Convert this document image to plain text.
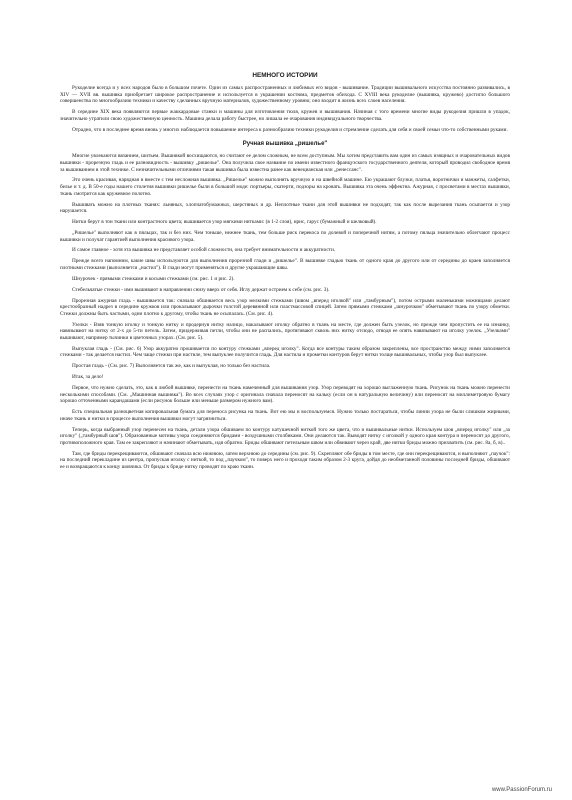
НЕМНОГО ИСТОРИИ

Рукоделие всегда и у всех народов было в большом почете. Один из самых распространенных и любимых его видов - вышивание. Традиции вышивального искусства постоянно развивались, в XIV — XVII вв. вышивка приобретает широкое распространение и используется в украшении костюма, предметов обихода. С XVIII века рукоделие (вышивка, кружево) достигло большого совершенства по многообразию техники и качеству сделанных вручную материалов, художественному уровню; оно входит в жизнь всех слоев населения.

В середине XIX века появляются первые жаккардовые станки и машины для изготовления тюля, кружев и вышивания. Начиная с того времени многие виды рукоделия пришли в упадок, значительно утратили свою художественную ценность. Машина делала работу быстрее, но лишала ее очарования индивидуального творчества.

Отрадно, что в последнее время вновь у многих наблюдается повышение интереса к разнообразию техники рукоделия и стремление сделать для себя и своей семьи что-то собственными руками.

Ручная вышивка „ришелье"

Многие увлекаются вязанием, шитьем. Вышивкой восхищаются, но считают ее делом сложным, не всем доступным. Мы хотим представить вам один из самых изящных и очаровательных видов вышивки - прорезную гладь и ее разновидность - вышивку „ришелье". Она получила свое название по имени известного французского государственного деятеля, который проводил свободное время за вышиванием в этой технике. С незначительными отличиями такая вышивка была известна ранее как венецианская или „ренессанс".

Это очень красивая, нарядная и вместе с тем несложная вышивка. „Ришелье" можно выполнять вручную и на швейной машине. Ею украшают блузки, платья, воротнички и манжеты, салфетки, белье и т. д. В 50-е годы нашего столетия вышивки ришелье были в большой моде: портьеры, скатерти, подзоры на кровать. Вышивка эта очень эффектна. Ажурная, с просветами в местах вышивки, ткань смотрится как кружевное полотно.

Вышивать можно на плотных тканях: льняных, хлопчатобумажных, шерстяных и др. Неплотные ткани для этой вышивки не подходят, так как после вырезания ткань осыпается и узор нарушается.

Нитки берут в тон ткани или контрастного цвета; вышивается узор мягкими нитками: (в 1-2 слоя), ирис, гарус (бумажный и шелковый).

„Ришелье" выполняют как в пяльцах, так и без них. Чем тоньше, нежнее ткань, тем больше риск перекоса по долевой и поперечной нитям, а потому пяльца значительно облегчают процесс вышивки и получат гарантией выполнения красивого узора.

И самое главное - хотя эта вышивка не представляет особой сложности, она требует внимательности и аккуратности.

Прежде всего напомним, какие швы используются для выполнения прорезной глади и „ришелье". В вышивке гладью ткань от одного края до другого или от середины до краев заполняется плотными стежками (выполняется „настил"). В глади могут применяться и другие украшающие швы.

Шнурочек - прямыми стежками и косыми стежками (см. рис. 1 и рис. 2).

Стебельчатые стежки - ими вышивают в направлении снизу вверх от себя. Иглу держат острием к себе (см. рис. 3).

Прорезная ажурная гладь - вышивается так: сначала обшивается весь узор мелкими стежками (швом „вперед иголкой" или „тамбурным"), потом острыми маленькими ножницами делают крестообразный надрез в середине кружков или прокалывают дырочки толстой деревянной или пластмассовой спицей. Затем прямыми стежками „шнурочком" обметывают ткань по узору обметки. Стежки должны быть частыми, одни плотно к другому, чтобы ткань не осыпалась. (См. рис. 4).

Узелки - Взяв тонкую иголку и тонкую нитку и продернув нитку налицо, накалывают иголку обратно в ткань на месте, где должен быть узелок, но прежде чем пропустить ее на изнанку, навязывают на нитку от 2-х до 5-ти петель. Затем, придерживая петли, чтобы они не распались, протягивают сквозь них нитку отсюдо, отводя ее опять навязывают на иголку узелок. „Узелками" вышивают, например тычинки в цветочных узорах. (См. рис. 5).

Выпуклая гладь - (См. рис. 6) Узор аккуратно прошивается по контуру стежками „вперед иголку". Когда все контуры таким образом закреплены, все пространство между ними заполняется стежками - так делается настил. Чем чаще стежки при настиле, тем выпуклее получится гладь. Для настила и прометки контуров берут нитки толще вышивальных, чтобы узор был выпуклее.

Простая гладь - (См. рис. 7) Выполняется так же, как и выпуклая, но только без настила.

Итак, за дело!

Первое, что нужно сделать, это, как в любой вышивке, перенести на ткань намеченный для вышивания узор. Узор переводят на хорошо выглаженную ткань. Рисунок на ткань можно перенести несколькими способами. (См. „Машинная вышивка"). Во всех случаях узор с оригинала сначала переносят на кальку (если он в натуральную величину) или переносят на миллиметровую бумагу хорошо отточенными карандашами (если рисунок больше или меньше размером нужного вам).

Есть специальная разноцветная копировальная бумага для переноса рисунка на ткань. Вот ею мы и воспользуемся. Нужно только постараться, чтобы линии узора не были слишком жирными, иначе ткань и нитки в процессе выполнения вышивки могут загрязниться.

Теперь, когда выбранный узор перенесен на ткань, детали узора обшиваем по контуру катушечной ниткой того же цвета, что и вышивальные нитки. Используем шов „вперед иголку" или „за иголку" („тамбурный шов"). Образованные мотивы узора соединяются бридами - воздушными столбиками. Они делаются так. Выводят нитку с иголкой у одного края контура и переносят до другого, противоположного края. Там ее закрепляют и начинают обметывать, идя обратно. Бриды обшивают петельным швом или обвивают через край, две нитки бриды можно прихватить (см. рис. 8а, б, в)..

Там, где бриды перекрещиваются, обшивают сначала всю нижнюю, затем верхнюю до середины (см. рис. 9). Скрепляют обе бриды в том месте, где они перекрещиваются, и выполняют „паучок": на последний перекладине из центра, пропуская иголку с ниткой, то под „паучком", то поверх него и проходя таким образом 2-3 круга, дойдя до необметанной половины последней бриды, обшивают ее и возвращаются к концу шовчика. От бриды к бриде нитку проводят по краю ткани.

www.PassionForum.ru
